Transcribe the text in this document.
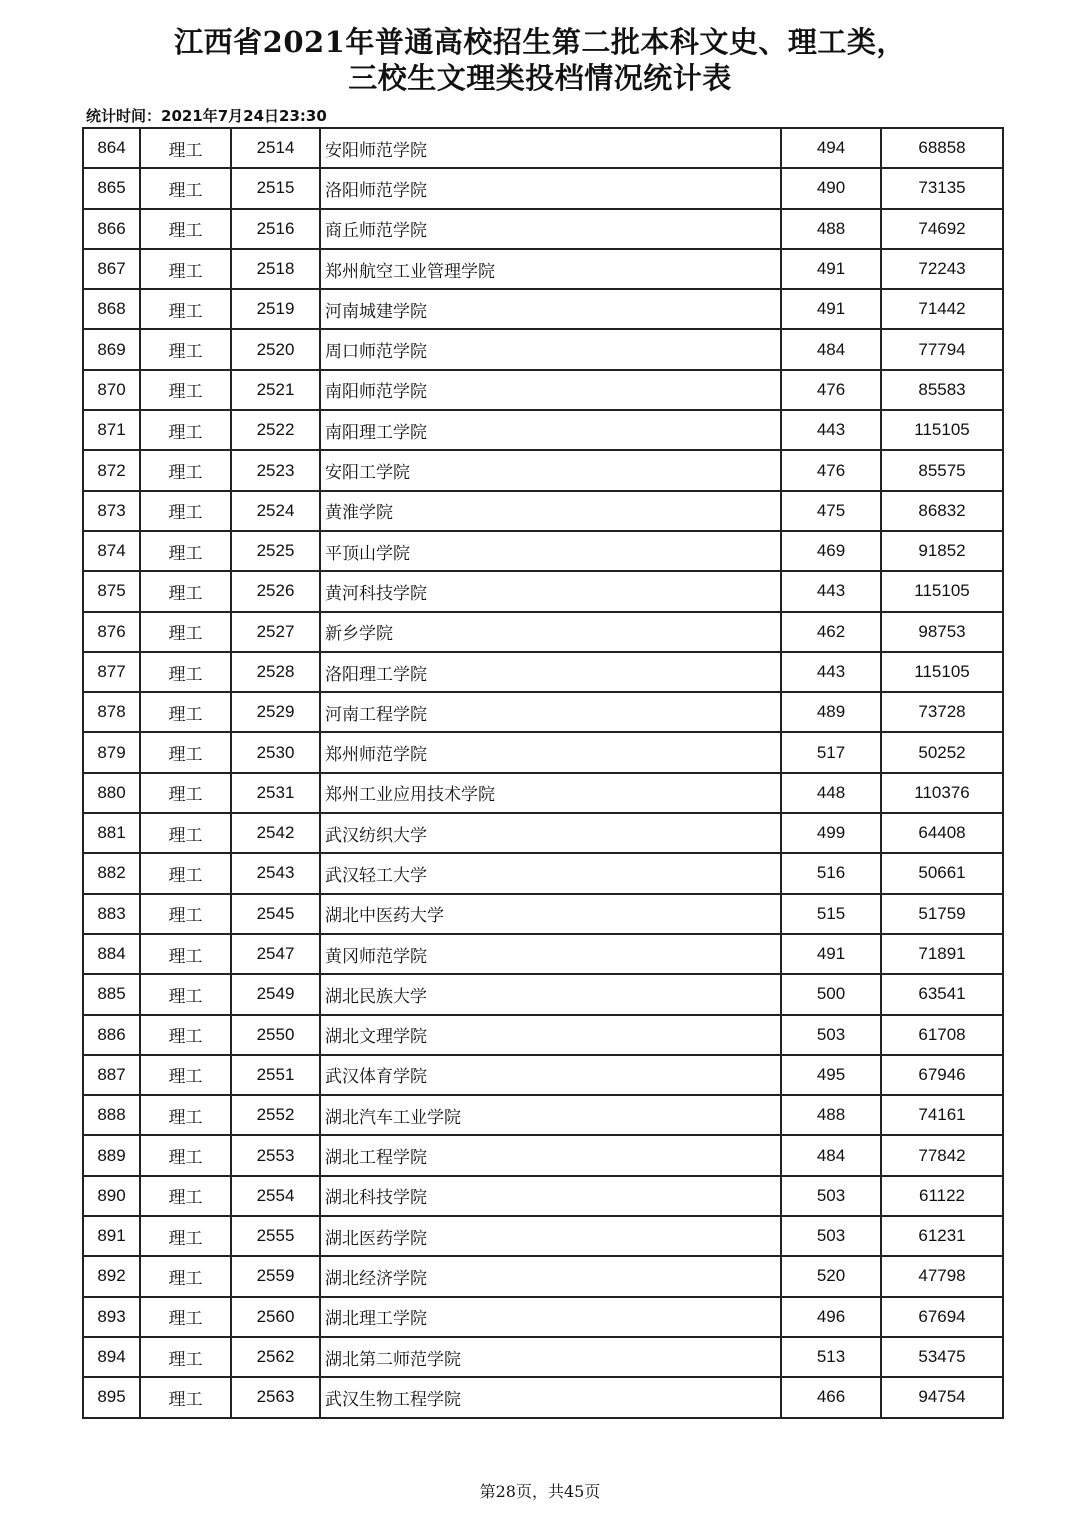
江西省2021年普通高校招生第二批本科文史、理工类，
三校生文理类投档情况统计表
统计时间：2021年7月24日23:30
864	理工	2514	安阳师范学院	494	68858
865	理工	2515	洛阳师范学院	490	73135
866	理工	2516	商丘师范学院	488	74692
867	理工	2518	郑州航空工业管理学院	491	72243
868	理工	2519	河南城建学院	491	71442
869	理工	2520	周口师范学院	484	77794
870	理工	2521	南阳师范学院	476	85583
871	理工	2522	南阳理工学院	443	115105
872	理工	2523	安阳工学院	476	85575
873	理工	2524	黄淮学院	475	86832
874	理工	2525	平顶山学院	469	91852
875	理工	2526	黄河科技学院	443	115105
876	理工	2527	新乡学院	462	98753
877	理工	2528	洛阳理工学院	443	115105
878	理工	2529	河南工程学院	489	73728
879	理工	2530	郑州师范学院	517	50252
880	理工	2531	郑州工业应用技术学院	448	110376
881	理工	2542	武汉纺织大学	499	64408
882	理工	2543	武汉轻工大学	516	50661
883	理工	2545	湖北中医药大学	515	51759
884	理工	2547	黄冈师范学院	491	71891
885	理工	2549	湖北民族大学	500	63541
886	理工	2550	湖北文理学院	503	61708
887	理工	2551	武汉体育学院	495	67946
888	理工	2552	湖北汽车工业学院	488	74161
889	理工	2553	湖北工程学院	484	77842
890	理工	2554	湖北科技学院	503	61122
891	理工	2555	湖北医药学院	503	61231
892	理工	2559	湖北经济学院	520	47798
893	理工	2560	湖北理工学院	496	67694
894	理工	2562	湖北第二师范学院	513	53475
895	理工	2563	武汉生物工程学院	466	94754
第28页，共45页
